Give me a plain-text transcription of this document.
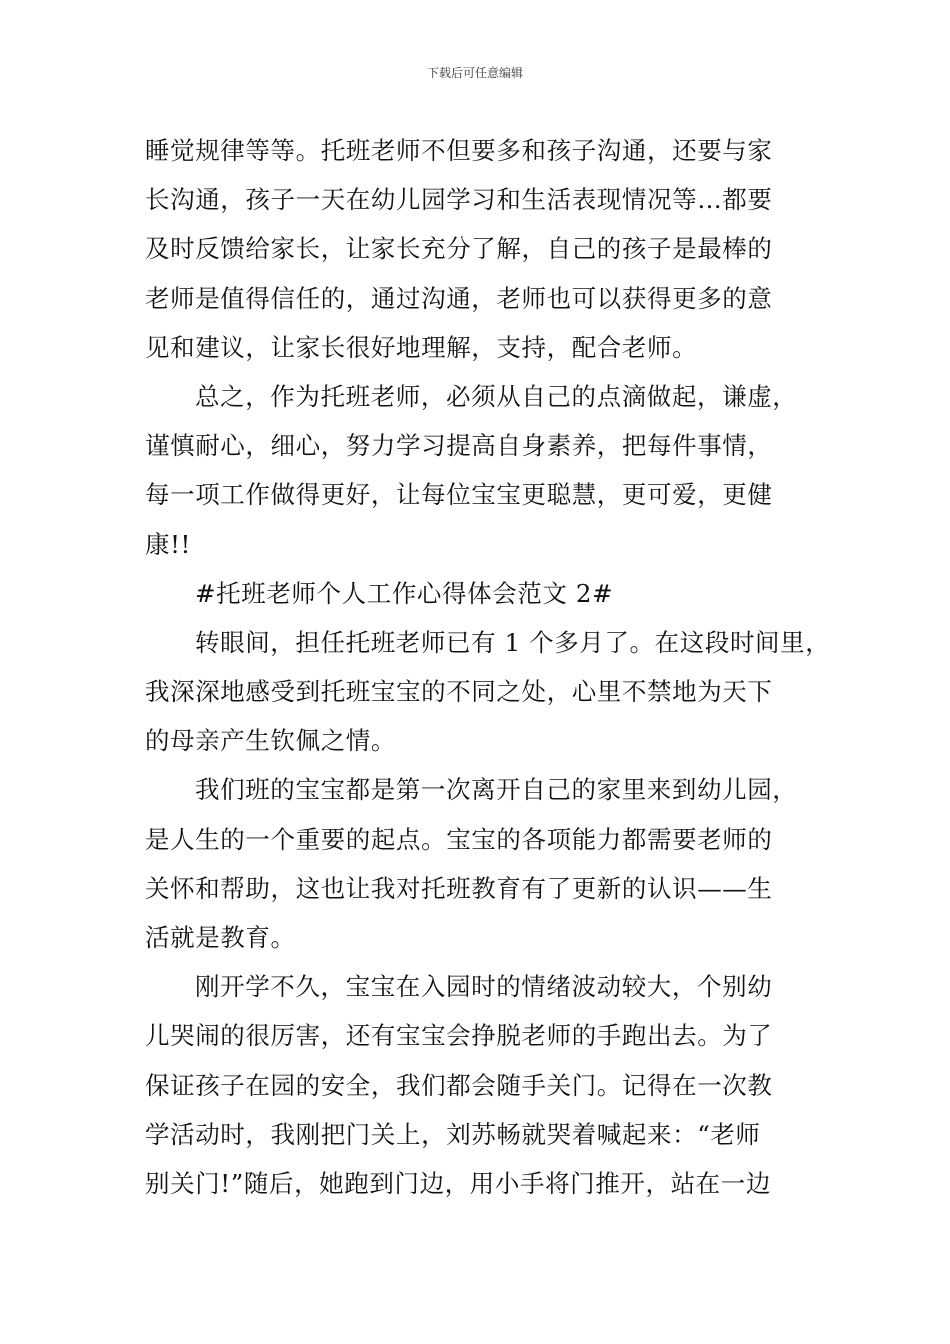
下载后可任意编辑
睡觉规律等等。托班老师不但要多和孩子沟通，还要与家
长沟通，孩子一天在幼儿园学习和生活表现情况等…都要
及时反馈给家长，让家长充分了解，自己的孩子是最棒的
老师是值得信任的，通过沟通，老师也可以获得更多的意
见和建议，让家长很好地理解，支持，配合老师。
总之，作为托班老师，必须从自己的点滴做起，谦虚，
谨慎耐心，细心，努力学习提高自身素养，把每件事情，
每一项工作做得更好，让每位宝宝更聪慧，更可爱，更健
康!!
#托班老师个人工作心得体会范文 2#
转眼间，担任托班老师已有 1 个多月了。在这段时间里，
我深深地感受到托班宝宝的不同之处，心里不禁地为天下
的母亲产生钦佩之情。
我们班的宝宝都是第一次离开自己的家里来到幼儿园，
是人生的一个重要的起点。宝宝的各项能力都需要老师的
关怀和帮助，这也让我对托班教育有了更新的认识——生
活就是教育。
刚开学不久，宝宝在入园时的情绪波动较大，个别幼
儿哭闹的很厉害，还有宝宝会挣脱老师的手跑出去。为了
保证孩子在园的安全，我们都会随手关门。记得在一次教
学活动时，我刚把门关上，刘苏畅就哭着喊起来：“老师
别关门!”随后，她跑到门边，用小手将门推开，站在一边
